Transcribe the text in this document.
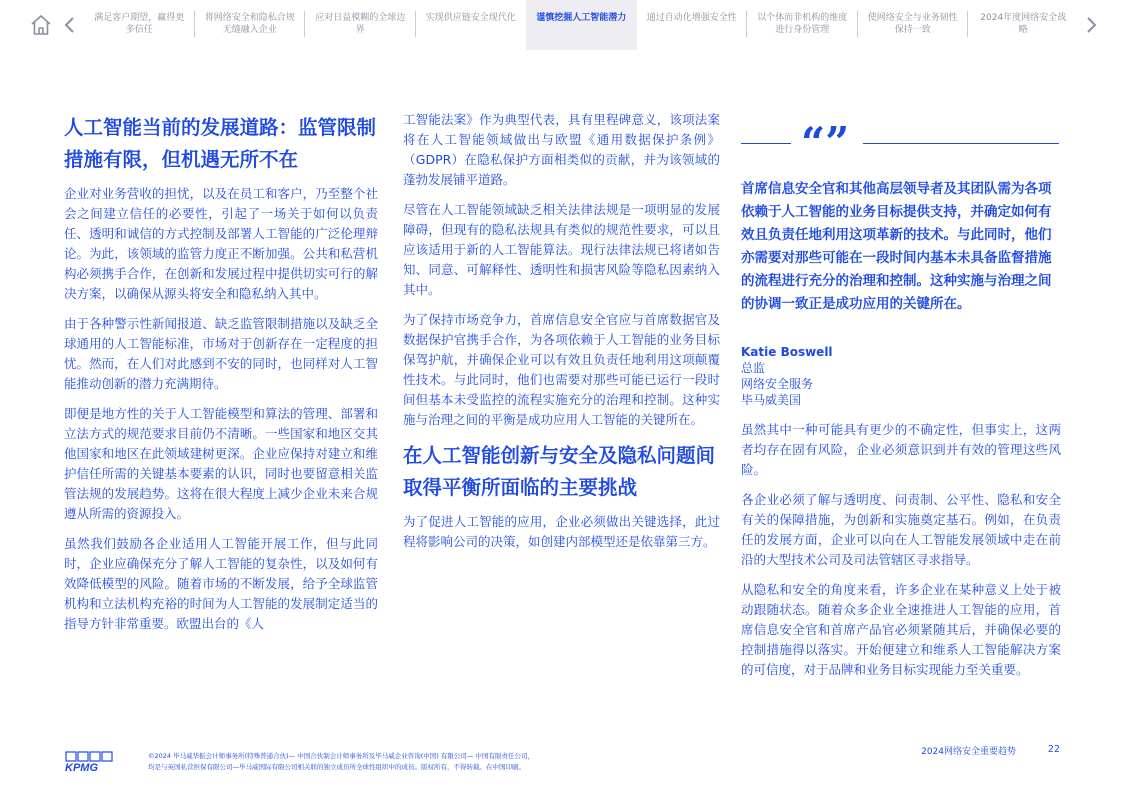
满足客户期望，赢得更多信任
将网络安全和隐私合规无缝融入企业
应对日益模糊的全球边界
实现供应链安全现代化 谨慎挖掘人工智能潜力 通过自动化增强安全性 以个体而非机构的维度进行身份管理
使网络安全与业务韧性保持一致
2024年度网络安全战略
人工智能当前的发展道路：监管限制措施有限，但机遇无所不在

企业对业务营收的担忧，以及在员工和客户，乃至整个社会之间建立信任的必要性，引起了一场关于如何以负责任、透明和诚信的方式控制及部署人工智能的广泛伦理辩论。为此，该领域的监管力度正不断加强。公共和私营机构必须携手合作，在创新和发展过程中提供切实可行的解决方案，以确保从源头将安全和隐私纳入其中。

由于各种警示性新闻报道、缺乏监管限制措施以及缺乏全球通用的人工智能标准，市场对于创新存在一定程度的担忧。然而，在人们对此感到不安的同时，也同样对人工智能推动创新的潜力充满期待。

即便是地方性的关于人工智能模型和算法的管理、部署和立法方式的规范要求目前仍不清晰。一些国家和地区交其他国家和地区在此领域建树更深。企业应保持对建立和维护信任所需的关键基本要素的认识，同时也要留意相关监管法规的发展趋势。这将在很大程度上减少企业未来合规遵从所需的资源投入。

虽然我们鼓励各企业适用人工智能开展工作，但与此同时，企业应确保充分了解人工智能的复杂性，以及如何有效降低模型的风险。随着市场的不断发展，给予全球监管机构和立法机构充裕的时间为人工智能的发展制定适当的指导方针非常重要。欧盟出台的《人

工智能法案》作为典型代表，具有里程碑意义，该项法案将在人工智能领域做出与欧盟《通用数据保护条例》（GDPR）在隐私保护方面相类似的贡献，并为该领域的蓬勃发展铺平道路。

尽管在人工智能领域缺乏相关法律法规是一项明显的发展障碍，但现有的隐私法规具有类似的规范性要求，可以且应该适用于新的人工智能算法。现行法律法规已将诸如告知、同意、可解释性、透明性和损害风险等隐私因素纳入其中。

为了保持市场竞争力，首席信息安全官应与首席数据官及数据保护官携手合作，为各项依赖于人工智能的业务目标保驾护航，并确保企业可以有效且负责任地利用这项颠覆性技术。与此同时，他们也需要对那些可能已运行一段时间但基本未受监控的流程实施充分的治理和控制。这种实施与治理之间的平衡是成功应用人工智能的关键所在。

在人工智能创新与安全及隐私问题间取得平衡所面临的主要挑战

为了促进人工智能的应用，企业必须做出关键选择，此过程将影响公司的决策，如创建内部模型还是依靠第三方。

“”
首席信息安全官和其他高层领导者及其团队需为各项依赖于人工智能的业务目标提供支持，并确定如何有效且负责任地利用这项革新的技术。与此同时，他们亦需要对那些可能在一段时间内基本未具备监督措施的流程进行充分的治理和控制。这种实施与治理之间的协调一致正是成功应用的关键所在。
Katie Boswell
总监
网络安全服务
毕马威美国

虽然其中一种可能具有更少的不确定性，但事实上，这两者均存在固有风险，企业必须意识到并有效的管理这些风险。

各企业必须了解与透明度、问责制、公平性、隐私和安全有关的保障措施，为创新和实施奠定基石。例如，在负责任的发展方面，企业可以向在人工智能发展领域中走在前沿的大型技术公司及司法管辖区寻求指导。

从隐私和安全的角度来看，许多企业在某种意义上处于被动跟随状态。随着众多企业全速推进人工智能的应用，首席信息安全官和首席产品官必须紧随其后，并确保必要的控制措施得以落实。开始便建立和维系人工智能解决方案的可信度，对于品牌和业务目标实现能力至关重要。

KPMG
©2024 毕马威华振会计师事务所(特殊普通合伙)— 中国合伙制会计师事务所及毕马威企业咨询(中国) 有限公司— 中国有限责任公司，
均是与英国私营担保有限公司—毕马威国际有限公司相关联的独立成员所全球性组织中的成员。版权所有，不得转载。在中国印刷。
2024网络安全重要趋势	22
